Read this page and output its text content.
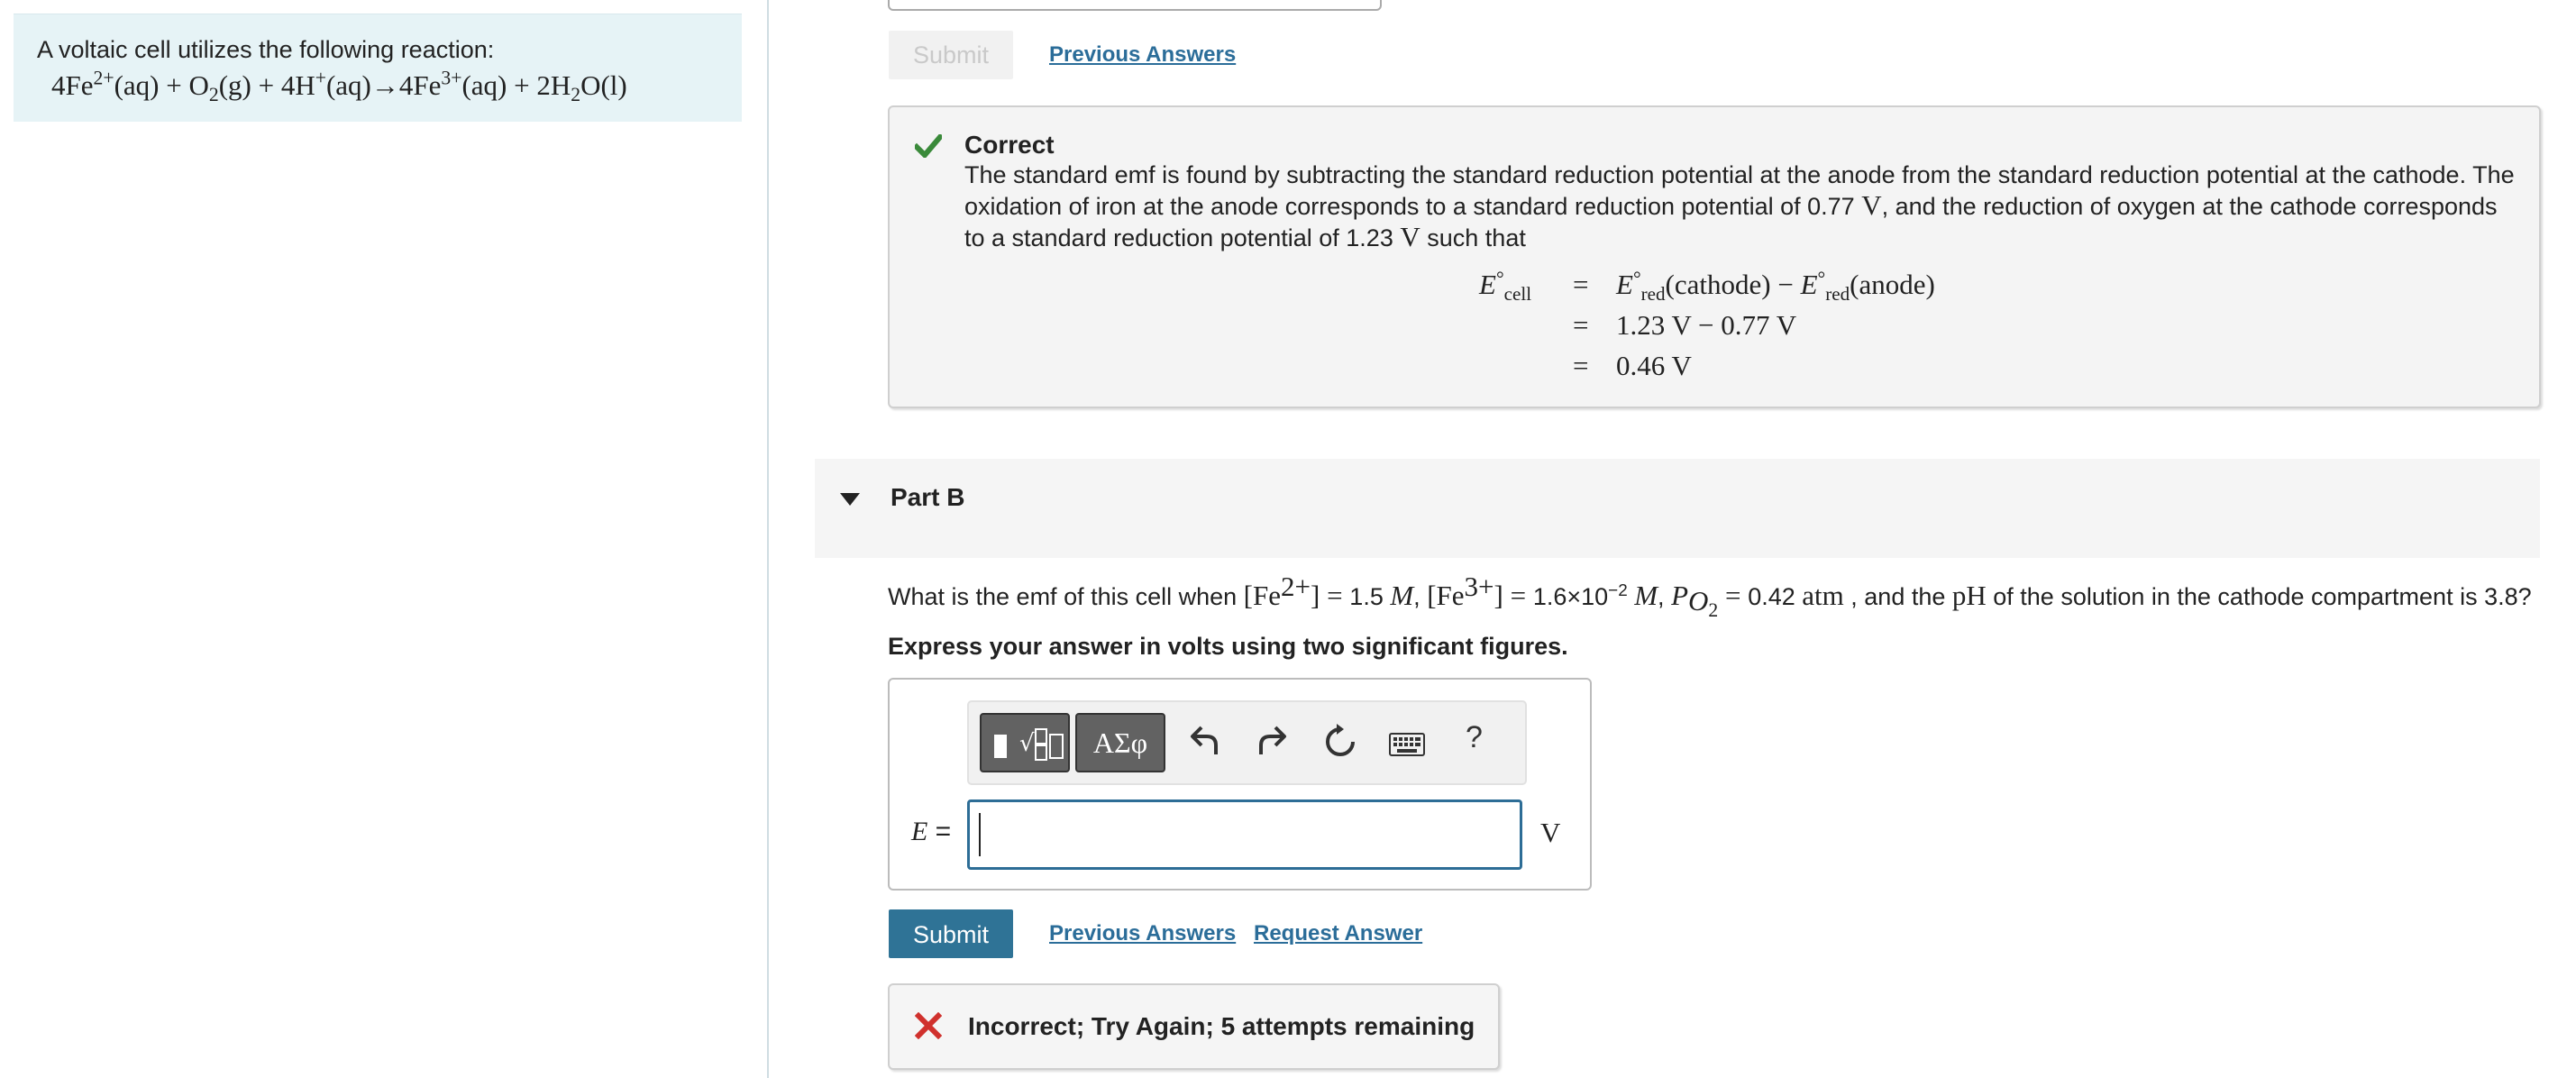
A voltaic cell utilizes the following reaction:
$4Fe^{2+}(aq) + O_2(g) + 4H^+(aq)\to 4Fe^{3+}(aq) + 2H_2O(l)$
Submit	Previous Answers
Correct
The standard emf is found by subtracting the standard reduction potential at the anode from the standard reduction potential at the cathode. The oxidation of iron at the anode corresponds to a standard reduction potential of 0.77 V, and the reduction of oxygen at the cathode corresponds to a standard reduction potential of 1.23 V such that
$E^\circ_{cell}$ = $E^\circ_{red}(cathode)$ − $E^\circ_{red}(anode)$
= 1.23 V − 0.77 V
= 0.46 V
Part B
What is the emf of this cell when $[Fe^{2+}] = 1.5$ M, $[Fe^{3+}] = 1.6\times 10^{-2}$ M, $P_{O_2} = 0.42$ atm , and the pH of the solution in the cathode compartment is 3.8?
Express your answer in volts using two significant figures.
√	ΑΣφ	?
E =	V
Submit	Previous Answers Request Answer
Incorrect; Try Again; 5 attempts remaining
